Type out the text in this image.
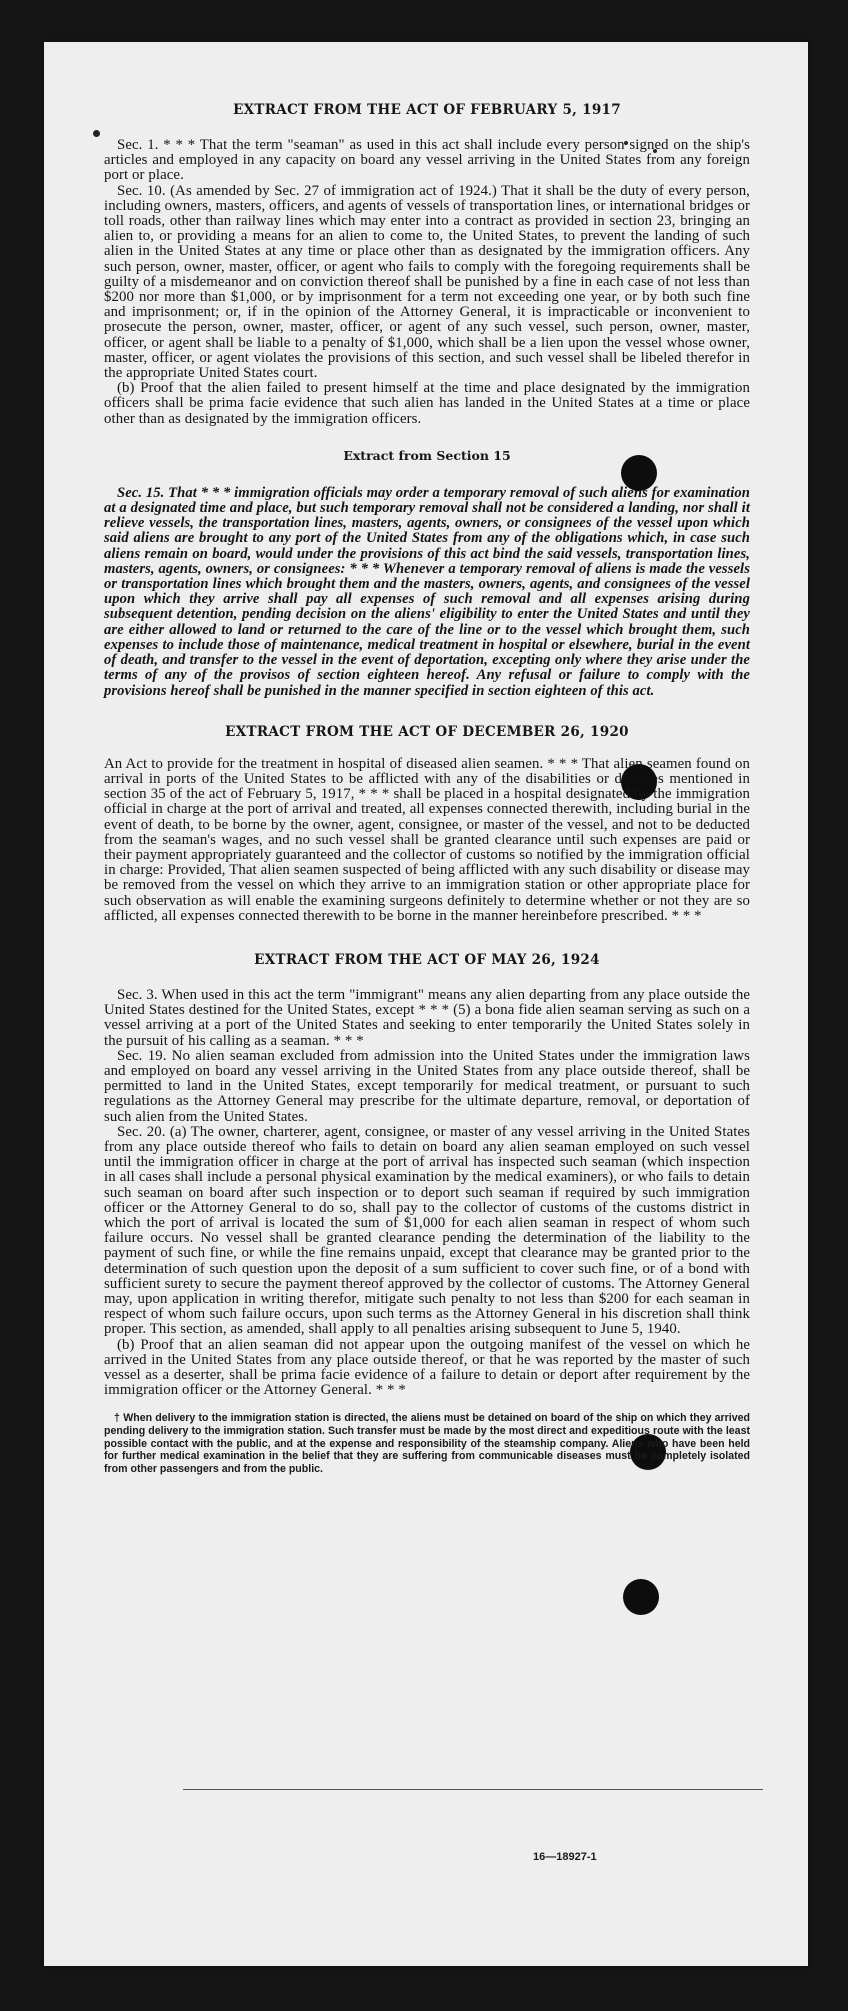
EXTRACT FROM THE ACT OF FEBRUARY 5, 1917

Sec. 1. * * * That the term "seaman" as used in this act shall include every person signed on the ship's articles and employed in any capacity on board any vessel arriving in the United States from any foreign port or place.

Sec. 10. (As amended by Sec. 27 of immigration act of 1924.) That it shall be the duty of every person, including owners, masters, officers, and agents of vessels of transportation lines, or international bridges or toll roads, other than railway lines which may enter into a contract as provided in section 23, bringing an alien to, or providing a means for an alien to come to, the United States, to prevent the landing of such alien in the United States at any time or place other than as designated by the immigration officers. Any such person, owner, master, officer, or agent who fails to comply with the foregoing requirements shall be guilty of a misdemeanor and on conviction thereof shall be punished by a fine in each case of not less than $200 nor more than $1,000, or by imprisonment for a term not exceeding one year, or by both such fine and imprisonment; or, if in the opinion of the Attorney General, it is impracticable or inconvenient to prosecute the person, owner, master, officer, or agent of any such vessel, such person, owner, master, officer, or agent shall be liable to a penalty of $1,000, which shall be a lien upon the vessel whose owner, master, officer, or agent violates the provisions of this section, and such vessel shall be libeled therefor in the appropriate United States court.

(b) Proof that the alien failed to present himself at the time and place designated by the immigration officers shall be prima facie evidence that such alien has landed in the United States at a time or place other than as designated by the immigration officers.

Extract from Section 15

Sec. 15. That * * * immigration officials may order a temporary removal of such aliens for examination at a designated time and place, but such temporary removal shall not be considered a landing, nor shall it relieve vessels, the transportation lines, masters, agents, owners, or consignees of the vessel upon which said aliens are brought to any port of the United States from any of the obligations which, in case such aliens remain on board, would under the provisions of this act bind the said vessels, transportation lines, masters, agents, owners, or consignees: * * * Whenever a temporary removal of aliens is made the vessels or transportation lines which brought them and the masters, owners, agents, and consignees of the vessel upon which they arrive shall pay all expenses of such removal and all expenses arising during subsequent detention, pending decision on the aliens' eligibility to enter the United States and until they are either allowed to land or returned to the care of the line or to the vessel which brought them, such expenses to include those of maintenance, medical treatment in hospital or elsewhere, burial in the event of death, and transfer to the vessel in the event of deportation, excepting only where they arise under the terms of any of the provisos of section eighteen hereof. Any refusal or failure to comply with the provisions hereof shall be punished in the manner specified in section eighteen of this act.

EXTRACT FROM THE ACT OF DECEMBER 26, 1920

An Act to provide for the treatment in hospital of diseased alien seamen. * * * That alien seamen found on arrival in ports of the United States to be afflicted with any of the disabilities or diseases mentioned in section 35 of the act of February 5, 1917, * * * shall be placed in a hospital designated by the immigration official in charge at the port of arrival and treated, all expenses connected therewith, including burial in the event of death, to be borne by the owner, agent, consignee, or master of the vessel, and not to be deducted from the seaman's wages, and no such vessel shall be granted clearance until such expenses are paid or their payment appropriately guaranteed and the collector of customs so notified by the immigration official in charge: Provided, That alien seamen suspected of being afflicted with any such disability or disease may be removed from the vessel on which they arrive to an immigration station or other appropriate place for such observation as will enable the examining surgeons definitely to determine whether or not they are so afflicted, all expenses connected therewith to be borne in the manner hereinbefore prescribed. * * *

EXTRACT FROM THE ACT OF MAY 26, 1924

Sec. 3. When used in this act the term "immigrant" means any alien departing from any place outside the United States destined for the United States, except * * * (5) a bona fide alien seaman serving as such on a vessel arriving at a port of the United States and seeking to enter temporarily the United States solely in the pursuit of his calling as a seaman. * * *

Sec. 19. No alien seaman excluded from admission into the United States under the immigration laws and employed on board any vessel arriving in the United States from any place outside thereof, shall be permitted to land in the United States, except temporarily for medical treatment, or pursuant to such regulations as the Attorney General may prescribe for the ultimate departure, removal, or deportation of such alien from the United States.

Sec. 20. (a) The owner, charterer, agent, consignee, or master of any vessel arriving in the United States from any place outside thereof who fails to detain on board any alien seaman employed on such vessel until the immigration officer in charge at the port of arrival has inspected such seaman (which inspection in all cases shall include a personal physical examination by the medical examiners), or who fails to detain such seaman on board after such inspection or to deport such seaman if required by such immigration officer or the Attorney General to do so, shall pay to the collector of customs of the customs district in which the port of arrival is located the sum of $1,000 for each alien seaman in respect of whom such failure occurs. No vessel shall be granted clearance pending the determination of the liability to the payment of such fine, or while the fine remains unpaid, except that clearance may be granted prior to the determination of such question upon the deposit of a sum sufficient to cover such fine, or of a bond with sufficient surety to secure the payment thereof approved by the collector of customs. The Attorney General may, upon application in writing therefor, mitigate such penalty to not less than $200 for each seaman in respect of whom such failure occurs, upon such terms as the Attorney General in his discretion shall think proper. This section, as amended, shall apply to all penalties arising subsequent to June 5, 1940.

(b) Proof that an alien seaman did not appear upon the outgoing manifest of the vessel on which he arrived in the United States from any place outside thereof, or that he was reported by the master of such vessel as a deserter, shall be prima facie evidence of a failure to detain or deport after requirement by the immigration officer or the Attorney General. * * *

† When delivery to the immigration station is directed, the aliens must be detained on board of the ship on which they arrived pending delivery to the immigration station. Such transfer must be made by the most direct and expeditious route with the least possible contact with the public, and at the expense and responsibility of the steamship company. Aliens who have been held for further medical examination in the belief that they are suffering from communicable diseases must be completely isolated from other passengers and from the public.

16—18927-1
